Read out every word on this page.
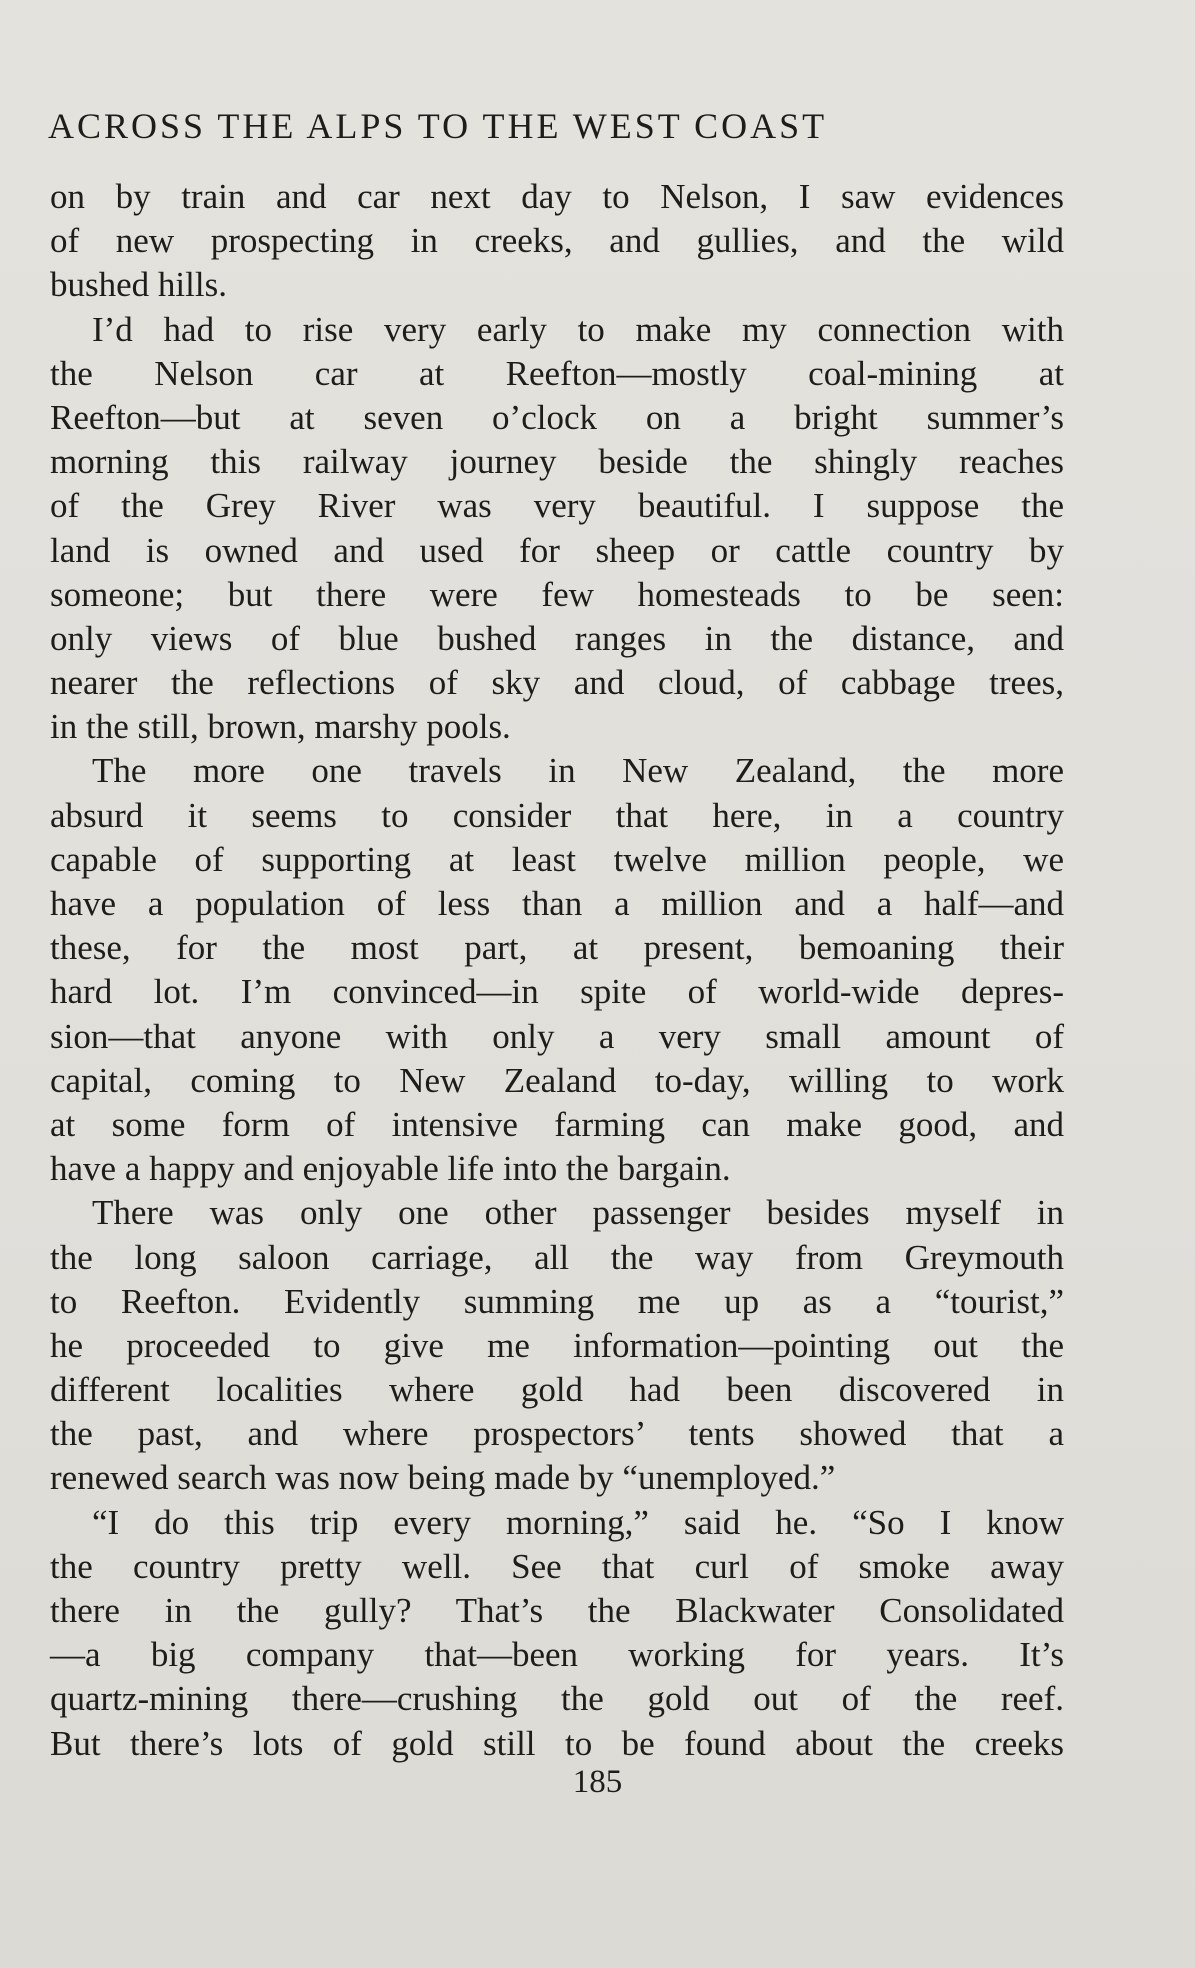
ACROSS THE ALPS TO THE WEST COAST
on by train and car next day to Nelson, I saw evidences
of new prospecting in creeks, and gullies, and the wild
bushed hills.
I’d had to rise very early to make my connection with
the Nelson car at Reefton—mostly coal-mining at
Reefton—but at seven o’clock on a bright summer’s
morning this railway journey beside the shingly reaches
of the Grey River was very beautiful. I suppose the
land is owned and used for sheep or cattle country by
someone; but there were few homesteads to be seen:
only views of blue bushed ranges in the distance, and
nearer the reflections of sky and cloud, of cabbage trees,
in the still, brown, marshy pools.
The more one travels in New Zealand, the more
absurd it seems to consider that here, in a country
capable of supporting at least twelve million people, we
have a population of less than a million and a half—and
these, for the most part, at present, bemoaning their
hard lot. I’m convinced—in spite of world-wide depres-
sion—that anyone with only a very small amount of
capital, coming to New Zealand to-day, willing to work
at some form of intensive farming can make good, and
have a happy and enjoyable life into the bargain.
There was only one other passenger besides myself in
the long saloon carriage, all the way from Greymouth
to Reefton. Evidently summing me up as a “tourist,”
he proceeded to give me information—pointing out the
different localities where gold had been discovered in
the past, and where prospectors’ tents showed that a
renewed search was now being made by “unemployed.”
“I do this trip every morning,” said he. “So I know
the country pretty well. See that curl of smoke away
there in the gully? That’s the Blackwater Consolidated
—a big company that—been working for years. It’s
quartz-mining there—crushing the gold out of the reef.
But there’s lots of gold still to be found about the creeks
185
